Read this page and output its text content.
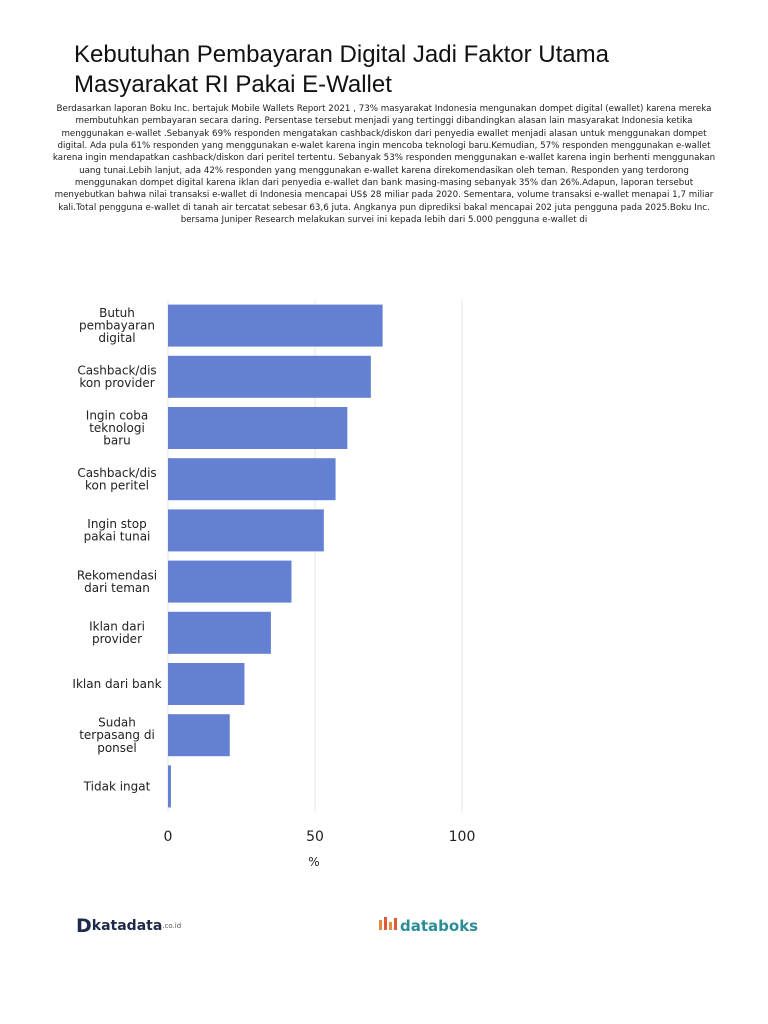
Kebutuhan Pembayaran Digital Jadi Faktor Utama Masyarakat RI Pakai E-Wallet
Berdasarkan laporan Boku Inc. bertajuk Mobile Wallets Report 2021 , 73% masyarakat Indonesia mengunakan dompet digital (ewallet) karena mereka membutuhkan pembayaran secara daring. Persentase tersebut menjadi yang tertinggi dibandingkan alasan lain masyarakat Indonesia ketika menggunakan e-wallet .Sebanyak 69% responden mengatakan cashback/diskon dari penyedia ewallet menjadi alasan untuk menggunakan dompet digital. Ada pula 61% responden yang menggunakan e-walet karena ingin mencoba teknologi baru.Kemudian, 57% responden menggunakan e-wallet karena ingin mendapatkan cashback/diskon dari peritel tertentu. Sebanyak 53% responden menggunakan e-wallet karena ingin berhenti menggunakan uang tunai.Lebih lanjut, ada 42% responden yang menggunakan e-wallet karena direkomendasikan oleh teman. Responden yang terdorong menggunakan dompet digital karena iklan dari penyedia e-wallet dan bank masing-masing sebanyak 35% dan 26%.Adapun, laporan tersebut menyebutkan bahwa nilai transaksi e-wallet di Indonesia mencapai US$ 28 miliar pada 2020. Sementara, volume transaksi e-wallet menapai 1,7 miliar kali.Total pengguna e-wallet di tanah air tercatat sebesar 63,6 juta. Angkanya pun diprediksi bakal mencapai 202 juta pengguna pada 2025.Boku Inc. bersama Juniper Research melakukan survei ini kepada lebih dari 5.000 pengguna e-wallet di
Butuh pembayaran digital
Cashback/dis kon provider
Ingin coba teknologi baru
Cashback/dis kon peritel
Ingin stop pakai tunai
Rekomendasi dari teman
Iklan dari provider
Iklan dari bank
Sudah terpasang di ponsel
Tidak ingat
0	50	100
%
Dkatadata.co.id	databoks
